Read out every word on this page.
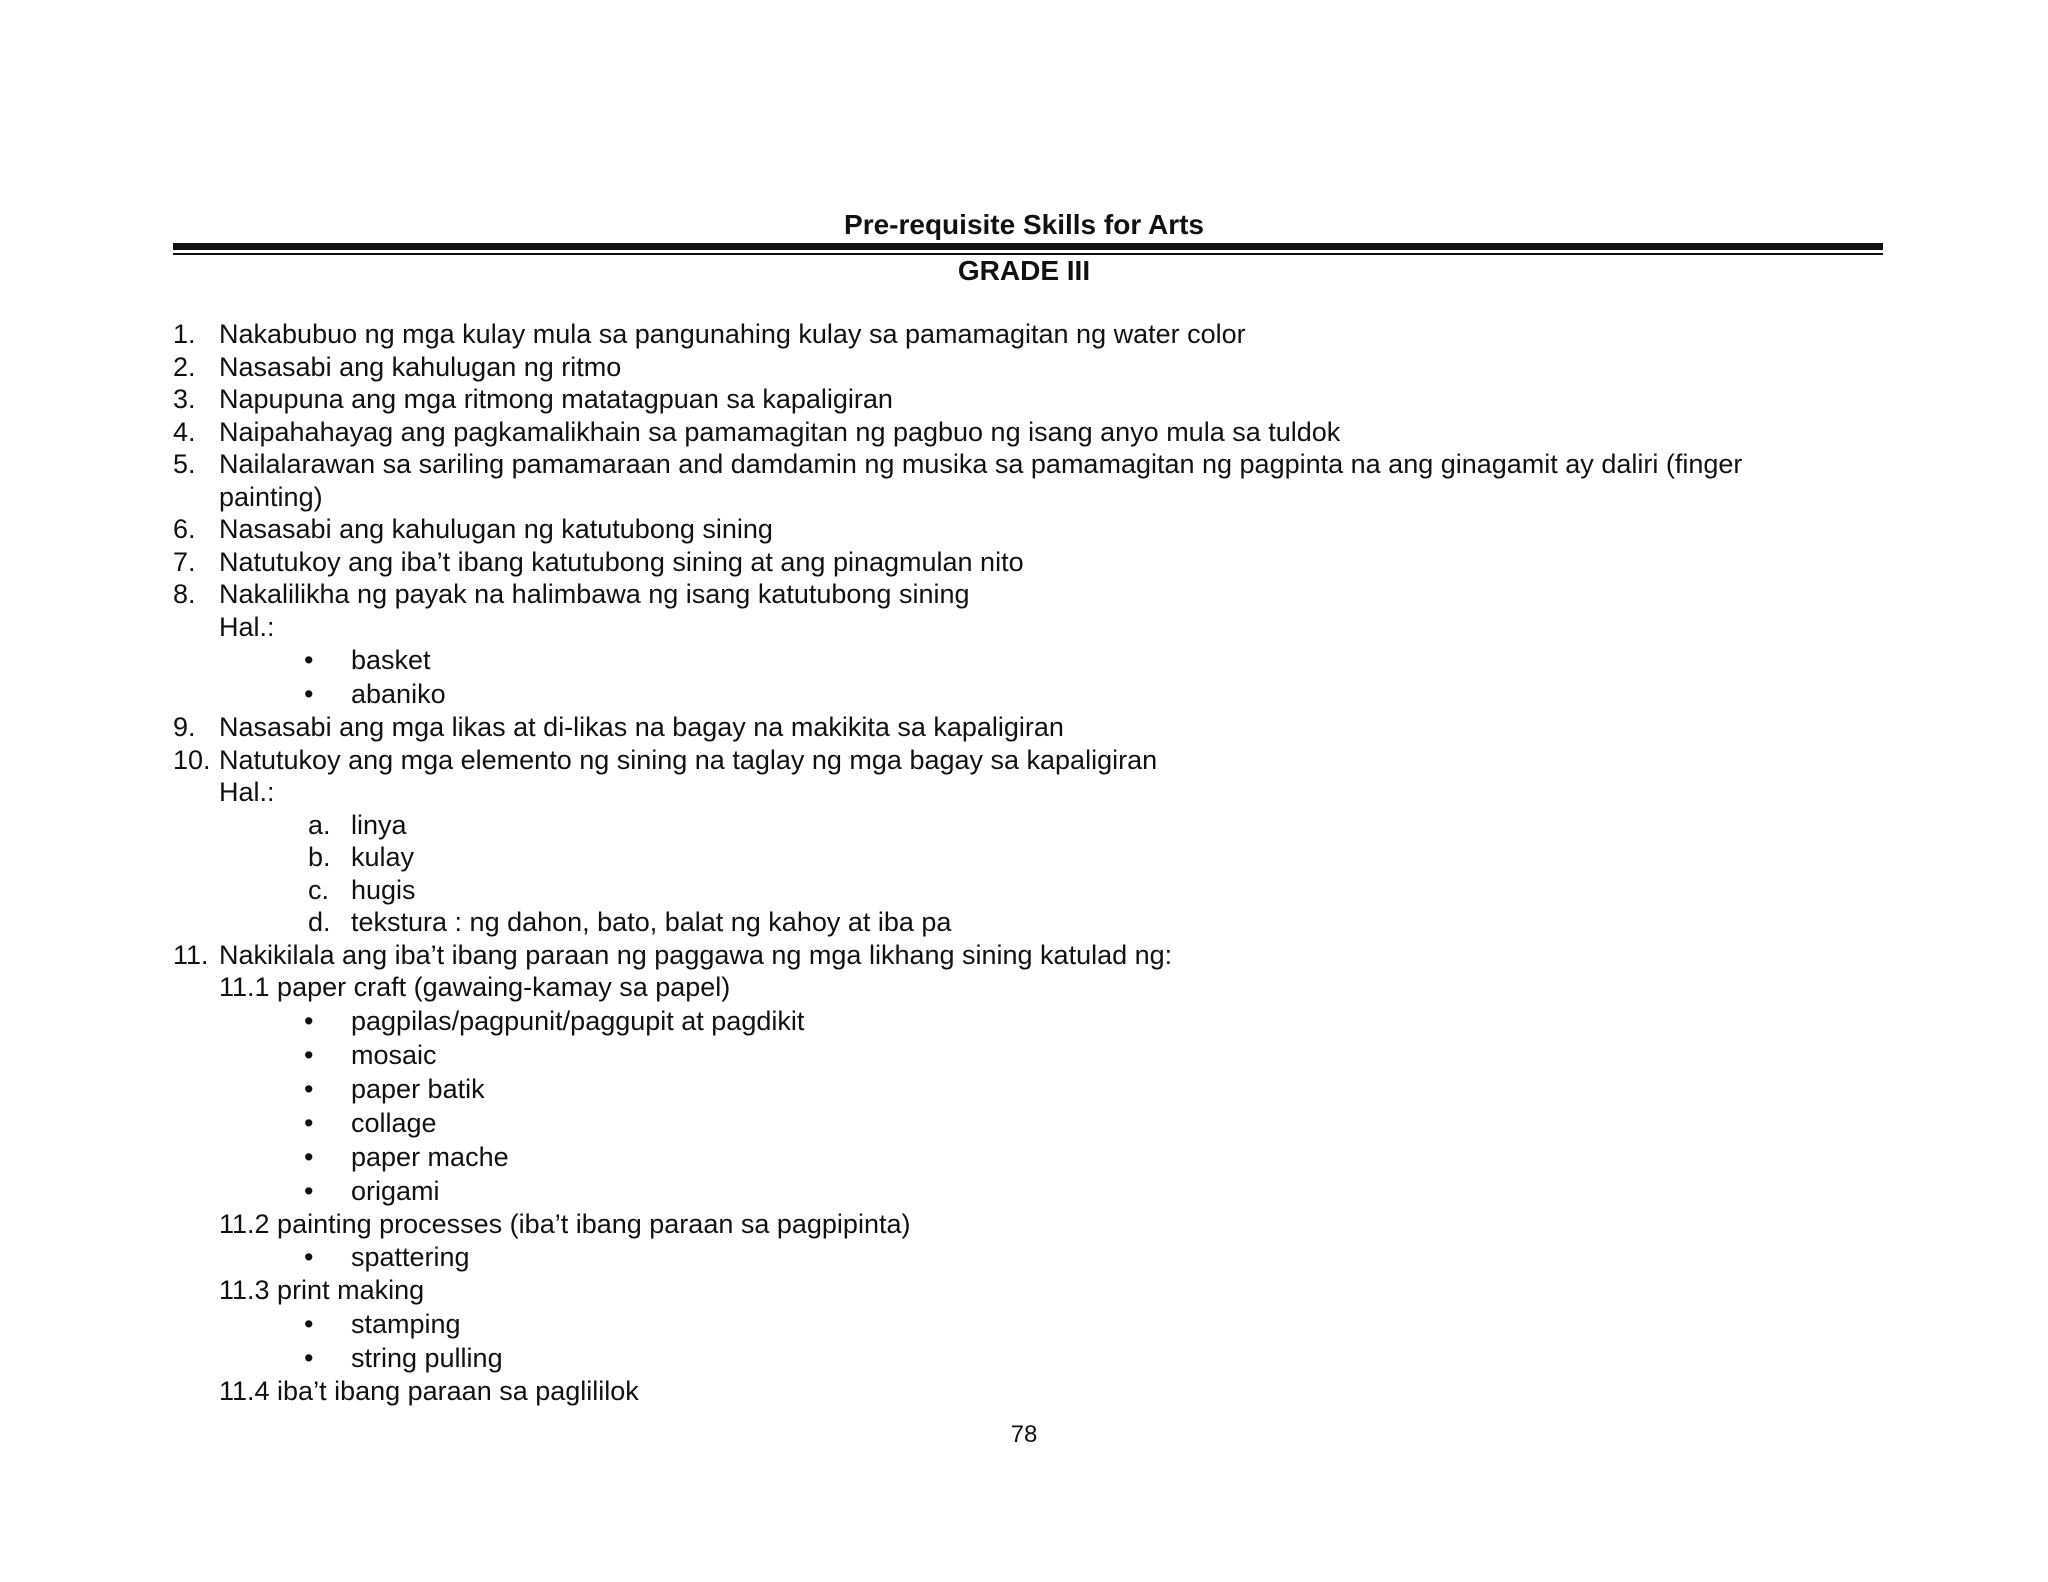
Pre-requisite Skills for Arts
GRADE III
1. Nakabubuo ng mga kulay mula sa pangunahing kulay sa pamamagitan ng water color
2. Nasasabi ang kahulugan ng ritmo
3. Napupuna ang mga ritmong matatagpuan sa kapaligiran
4. Naipahahayag ang pagkamalikhain sa pamamagitan ng pagbuo ng isang anyo mula sa tuldok
5. Nailalarawan sa sariling pamamaraan and damdamin ng musika sa pamamagitan ng pagpinta na ang ginagamit ay daliri (finger
painting)
6. Nasasabi ang kahulugan ng katutubong sining
7. Natutukoy ang iba’t ibang katutubong sining at ang pinagmulan nito
8. Nakalilikha ng payak na halimbawa ng isang katutubong sining
Hal.:
• basket
• abaniko
9. Nasasabi ang mga likas at di-likas na bagay na makikita sa kapaligiran
10. Natutukoy ang mga elemento ng sining na taglay ng mga bagay sa kapaligiran
Hal.:
a. linya
b. kulay
c. hugis
d. tekstura : ng dahon, bato, balat ng kahoy at iba pa
11. Nakikilala ang iba’t ibang paraan ng paggawa ng mga likhang sining katulad ng:
11.1 paper craft (gawaing-kamay sa papel)
• pagpilas/pagpunit/paggupit at pagdikit
• mosaic
• paper batik
• collage
• paper mache
• origami
11.2 painting processes (iba’t ibang paraan sa pagpipinta)
• spattering
11.3 print making
• stamping
• string pulling
11.4 iba’t ibang paraan sa paglililok
78
